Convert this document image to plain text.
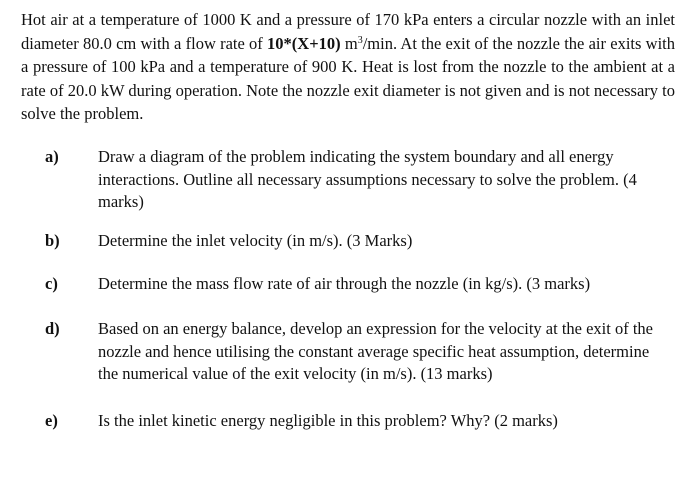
Hot air at a temperature of 1000 K and a pressure of 170 kPa enters a circular nozzle with an inlet diameter 80.0 cm with a flow rate of 10*(X+10) $m^3/\min$. At the exit of the nozzle the air exits with a pressure of 100 kPa and a temperature of 900 K. Heat is lost from the nozzle to the ambient at a rate of 20.0 kW during operation. Note the nozzle exit diameter is not given and is not necessary to solve the problem.

a)	Draw a diagram of the problem indicating the system boundary and all energy interactions. Outline all necessary assumptions necessary to solve the problem. (4 marks)

b)	Determine the inlet velocity (in m/s). (3 Marks)

c)	Determine the mass flow rate of air through the nozzle (in kg/s). (3 marks)

d)	Based on an energy balance, develop an expression for the velocity at the exit of the nozzle and hence utilising the constant average specific heat assumption, determine the numerical value of the exit velocity (in m/s). (13 marks)

e)	Is the inlet kinetic energy negligible in this problem? Why? (2 marks)
